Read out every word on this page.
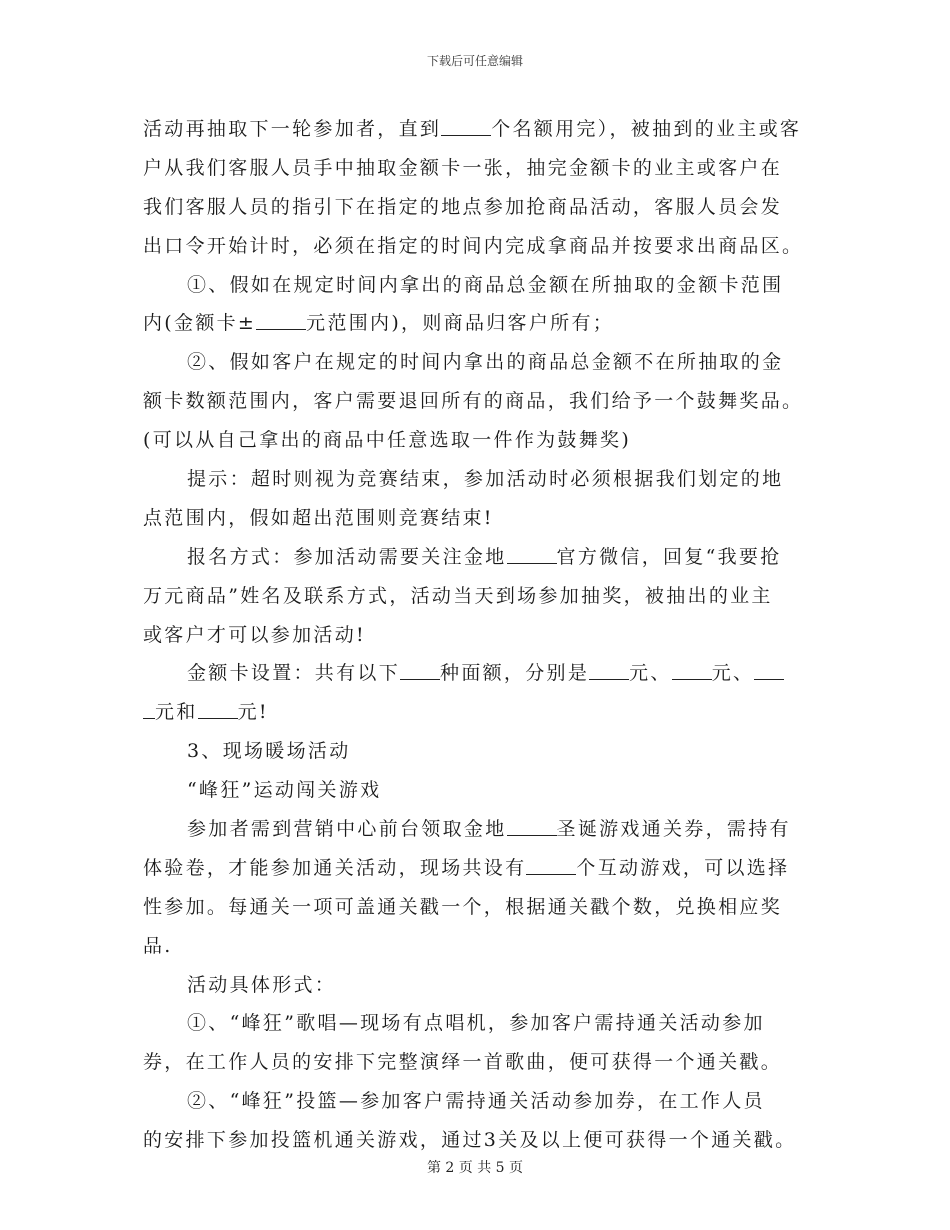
下载后可任意编辑
活动再抽取下一轮参加者，直到	个名额用完），被抽到的业主或客
户从我们客服人员手中抽取金额卡一张，抽完金额卡的业主或客户在
我们客服人员的指引下在指定的地点参加抢商品活动，客服人员会发
出口令开始计时，必须在指定的时间内完成拿商品并按要求出商品区。
①、假如在规定时间内拿出的商品总金额在所抽取的金额卡范围
内(金额卡±	元范围内)，则商品归客户所有；
②、假如客户在规定的时间内拿出的商品总金额不在所抽取的金
额卡数额范围内，客户需要退回所有的商品，我们给予一个鼓舞奖品。
(可以从自己拿出的商品中任意选取一件作为鼓舞奖)
提示：超时则视为竞赛结束，参加活动时必须根据我们划定的地
点范围内，假如超出范围则竞赛结束!
报名方式：参加活动需要关注金地	官方微信，回复“我要抢
万元商品”姓名及联系方式，活动当天到场参加抽奖，被抽出的业主
或客户才可以参加活动!
金额卡设置：共有以下 种面额，分别是 元、 元、
元和 元!
3、现场暖场活动
“峰狂”运动闯关游戏
参加者需到营销中心前台领取金地	圣诞游戏通关券，需持有
体验卷，才能参加通关活动，现场共设有	个互动游戏，可以选择
性参加。每通关一项可盖通关戳一个，根据通关戳个数，兑换相应奖
品.
活动具体形式：
①、“峰狂”歌唱—现场有点唱机，参加客户需持通关活动参加
券，在工作人员的安排下完整演绎一首歌曲，便可获得一个通关戳。
②、“峰狂”投篮—参加客户需持通关活动参加券，在工作人员
的安排下参加投篮机通关游戏，通过3关及以上便可获得一个通关戳。
第 2 页 共 5 页
